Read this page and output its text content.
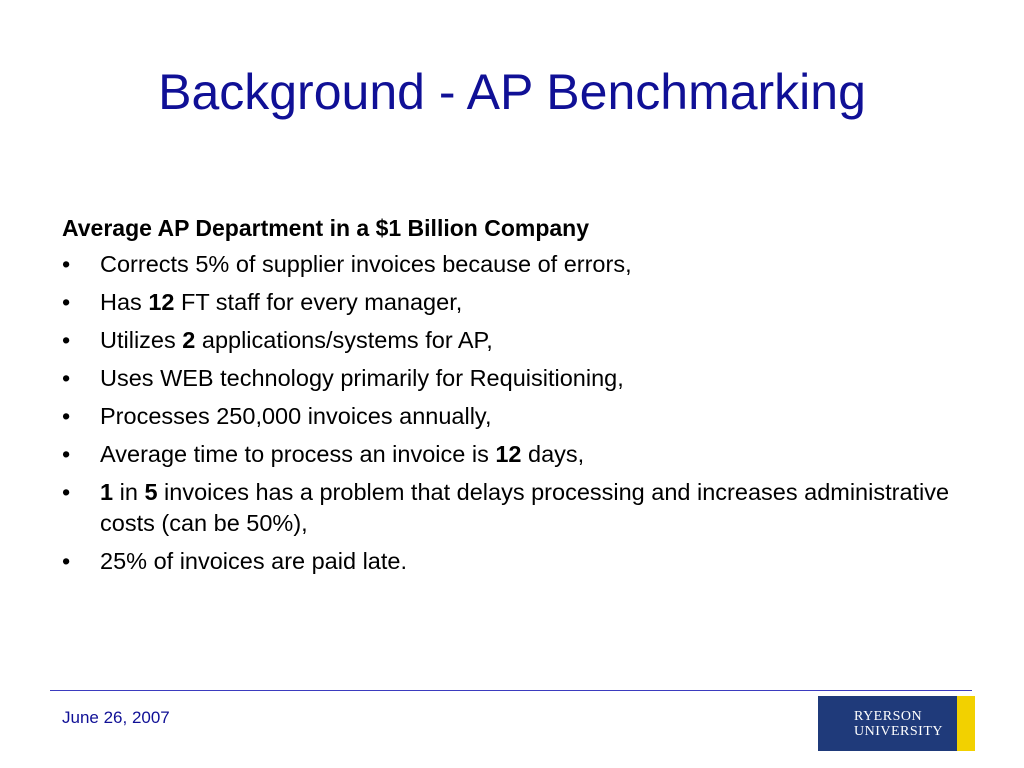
Background - AP Benchmarking
Average AP Department in a $1 Billion Company
• Corrects 5% of supplier invoices because of errors,
• Has 12 FT staff for every manager,
• Utilizes 2 applications/systems for AP,
• Uses WEB technology primarily for Requisitioning,
• Processes 250,000 invoices annually,
• Average time to process an invoice is 12 days,
• 1 in 5 invoices has a problem that delays processing and increases administrative costs (can be 50%),
• 25% of invoices are paid late.
June 26, 2007	RYERSON
UNIVERSITY
